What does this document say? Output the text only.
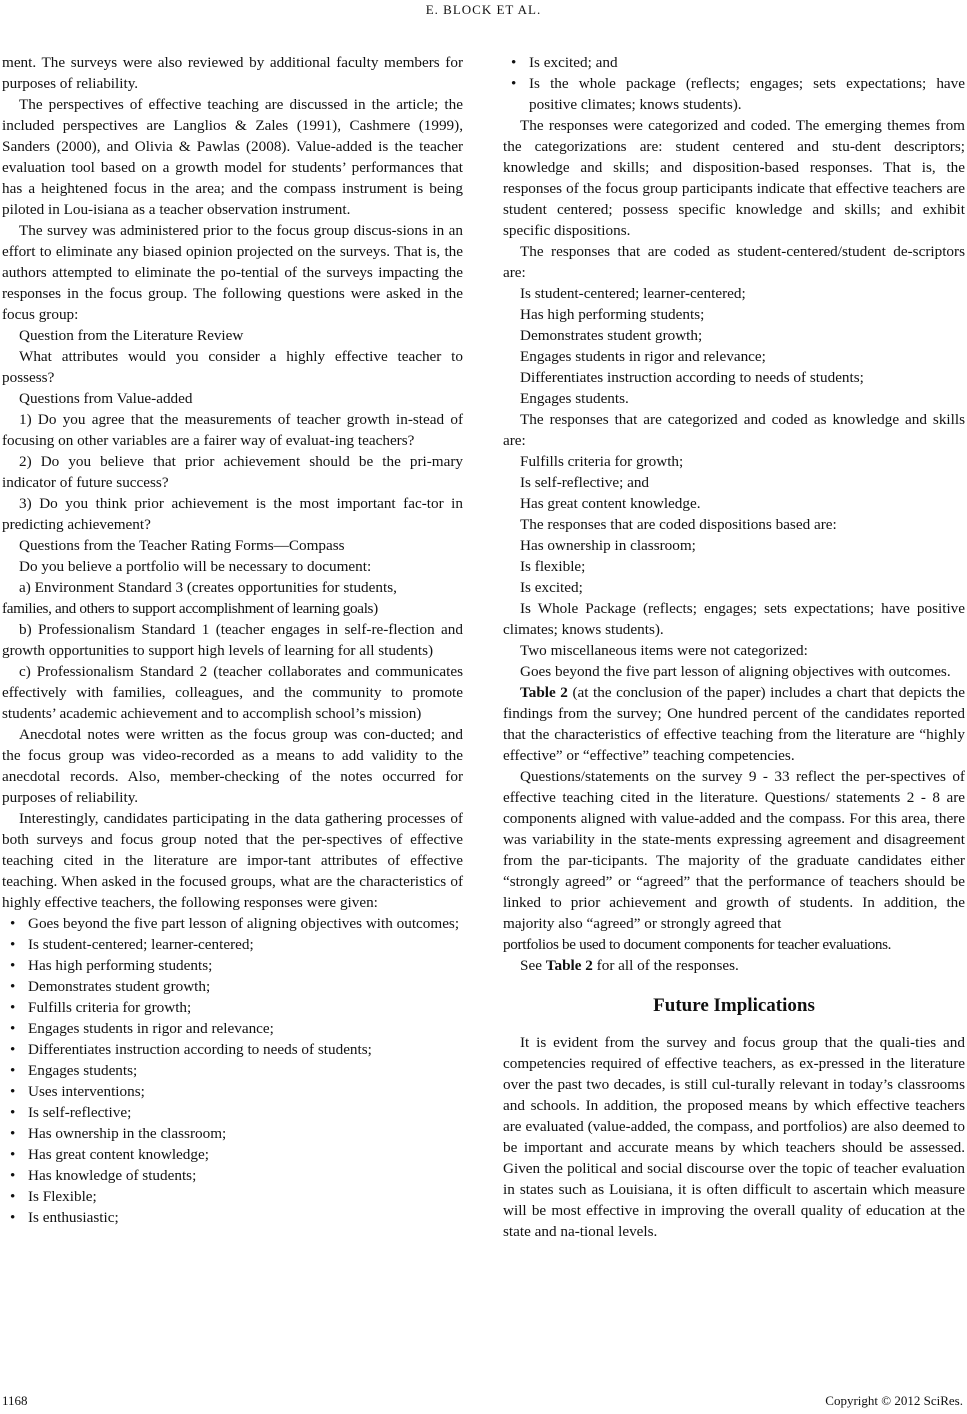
E. BLOCK ET AL.

ment. The surveys were also reviewed by additional faculty members for purposes of reliability.

The perspectives of effective teaching are discussed in the article; the included perspectives are Langlios & Zales (1991), Cashmere (1999), Sanders (2000), and Olivia & Pawlas (2008). Value-added is the teacher evaluation tool based on a growth model for students’ performances that has a heightened focus in the area; and the compass instrument is being piloted in Lou-isiana as a teacher observation instrument.

The survey was administered prior to the focus group discus-sions in an effort to eliminate any biased opinion projected on the surveys. That is, the authors attempted to eliminate the po-tential of the surveys impacting the responses in the focus group. The following questions were asked in the focus group:

Question from the Literature Review

What attributes would you consider a highly effective teacher to possess?

Questions from Value-added

1) Do you agree that the measurements of teacher growth in-stead of focusing on other variables are a fairer way of evaluat-ing teachers?

2) Do you believe that prior achievement should be the pri-mary indicator of future success?

3) Do you think prior achievement is the most important fac-tor in predicting achievement?

Questions from the Teacher Rating Forms—Compass

Do you believe a portfolio will be necessary to document:

a) Environment Standard 3 (creates opportunities for students,

families, and others to support accomplishment of learning goals)

b) Professionalism Standard 1 (teacher engages in self-re-flection and growth opportunities to support high levels of learning for all students)

c) Professionalism Standard 2 (teacher collaborates and communicates effectively with families, colleagues, and the community to promote students’ academic achievement and to accomplish school’s mission)

Anecdotal notes were written as the focus group was con-ducted; and the focus group was video-recorded as a means to add validity to the anecdotal records. Also, member-checking of the notes occurred for purposes of reliability.

Interestingly, candidates participating in the data gathering processes of both surveys and focus group noted that the per-spectives of effective teaching cited in the literature are impor-tant attributes of effective teaching. When asked in the focused groups, what are the characteristics of highly effective teachers, the following responses were given:

• Goes beyond the five part lesson of aligning objectives with outcomes;
• Is student-centered; learner-centered;
• Has high performing students;
• Demonstrates student growth;
• Fulfills criteria for growth;
• Engages students in rigor and relevance;
• Differentiates instruction according to needs of students;
• Engages students;
• Uses interventions;
• Is self-reflective;
• Has ownership in the classroom;
• Has great content knowledge;
• Has knowledge of students;
• Is Flexible;
• Is enthusiastic;
• Is excited; and
• Is the whole package (reflects; engages; sets expectations; have positive climates; knows students).

The responses were categorized and coded. The emerging themes from the categorizations are: student centered and stu-dent descriptors; knowledge and skills; and disposition-based responses. That is, the responses of the focus group participants indicate that effective teachers are student centered; possess specific knowledge and skills; and exhibit specific dispositions.

The responses that are coded as student-centered/student de-scriptors are:

Is student-centered; learner-centered;

Has high performing students;

Demonstrates student growth;

Engages students in rigor and relevance;

Differentiates instruction according to needs of students;

Engages students.

The responses that are categorized and coded as knowledge and skills are:

Fulfills criteria for growth;

Is self-reflective; and

Has great content knowledge.

The responses that are coded dispositions based are:

Has ownership in classroom;

Is flexible;

Is excited;

Is Whole Package (reflects; engages; sets expectations; have positive climates; knows students).

Two miscellaneous items were not categorized:

Goes beyond the five part lesson of aligning objectives with outcomes.

Table 2 (at the conclusion of the paper) includes a chart that depicts the findings from the survey; One hundred percent of the candidates reported that the characteristics of effective teaching from the literature are “highly effective” or “effective” teaching competencies.

Questions/statements on the survey 9 - 33 reflect the per-spectives of effective teaching cited in the literature. Questions/ statements 2 - 8 are components aligned with value-added and the compass. For this area, there was variability in the state-ments expressing agreement and disagreement from the par-ticipants. The majority of the graduate candidates either “strongly agreed” or “agreed” that the performance of teachers should be linked to prior achievement and growth of students. In addition, the majority also “agreed” or strongly agreed that

portfolios be used to document components for teacher evaluations.

See Table 2 for all of the responses.

Future Implications

It is evident from the survey and focus group that the quali-ties and competencies required of effective teachers, as ex-pressed in the literature over the past two decades, is still cul-turally relevant in today’s classrooms and schools. In addition, the proposed means by which effective teachers are evaluated (value-added, the compass, and portfolios) are also deemed to be important and accurate means by which teachers should be assessed. Given the political and social discourse over the topic of teacher evaluation in states such as Louisiana, it is often difficult to ascertain which measure will be most effective in improving the overall quality of education at the state and na-tional levels.

1168	Copyright © 2012 SciRes.
